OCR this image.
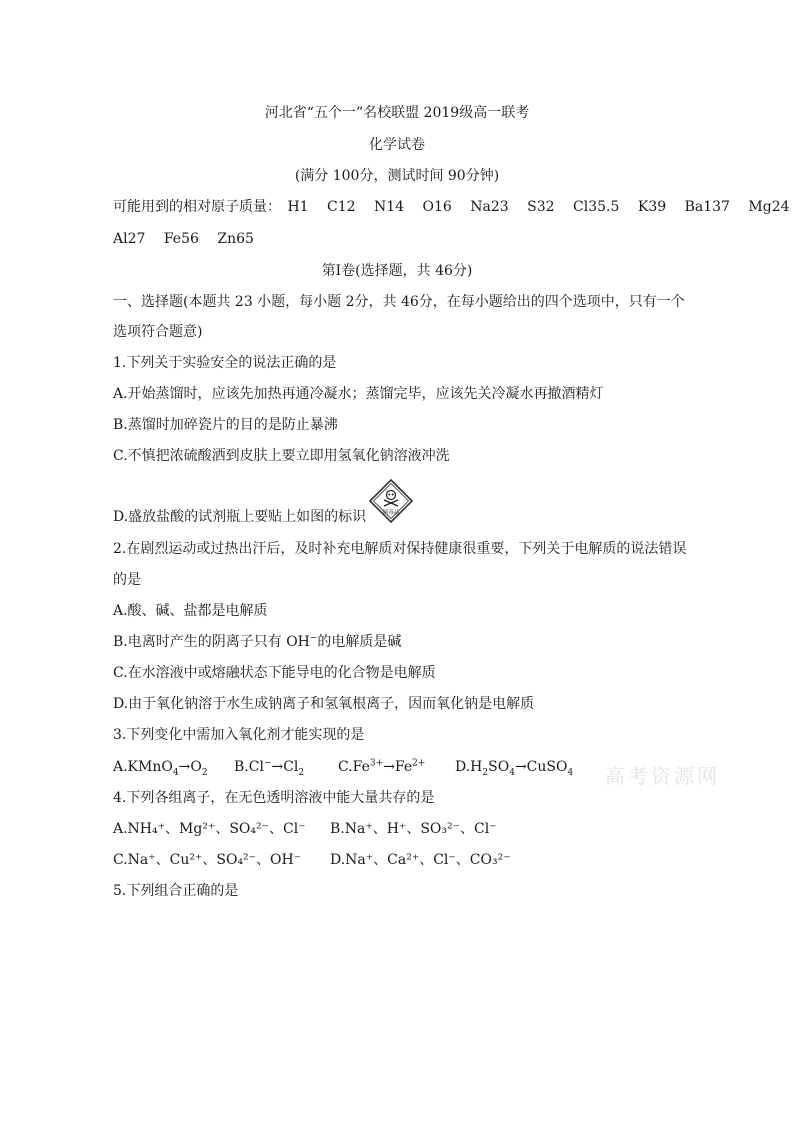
河北省“五个一”名校联盟 2019级高一联考
化学试卷
(满分 100分，测试时间 90分钟)
可能用到的相对原子质量： H1 C12 N14 O16 Na23 S32 Cl35.5 K39 Ba137 Mg24
Al27 Fe56 Zn65
第Ⅰ卷(选择题，共 46分)
一、选择题(本题共 23 小题，每小题 2分，共 46分，在每小题给出的四个选项中，只有一个
选项符合题意)
1.下列关于实验安全的说法正确的是
A.开始蒸馏时，应该先加热再通冷凝水；蒸馏完毕，应该先关冷凝水再撤酒精灯
B.蒸馏时加碎瓷片的目的是防止暴沸
C.不慎把浓硫酸洒到皮肤上要立即用氢氧化钠溶液冲洗
D.盛放盐酸的试剂瓶上要贴上如图的标识	剧毒品
2.在剧烈运动或过热出汗后，及时补充电解质对保持健康很重要，下列关于电解质的说法错误
的是
A.酸、碱、盐都是电解质
B.电离时产生的阴离子只有 OH−的电解质是碱
C.在水溶液中或熔融状态下能导电的化合物是电解质
D.由于氧化钠溶于水生成钠离子和氢氧根离子，因而氧化钠是电解质
3.下列变化中需加入氧化剂才能实现的是
$A.KMnO_4\to O_2$ $B.Cl^-\to Cl_2$ $C.Fe^{3+}\to Fe^{2+}$ $D.H_2SO_4\to CuSO_4$ 高考资源网
4.下列各组离子，在无色透明溶液中能大量共存的是
A.NH₄⁺、Mg²⁺、SO₄²⁻、Cl⁻ B.Na⁺、H⁺、SO₃²⁻、Cl⁻
C.Na⁺、Cu²⁺、SO₄²⁻、OH⁻ D.Na⁺、Ca²⁺、Cl⁻、CO₃²⁻
5.下列组合正确的是
